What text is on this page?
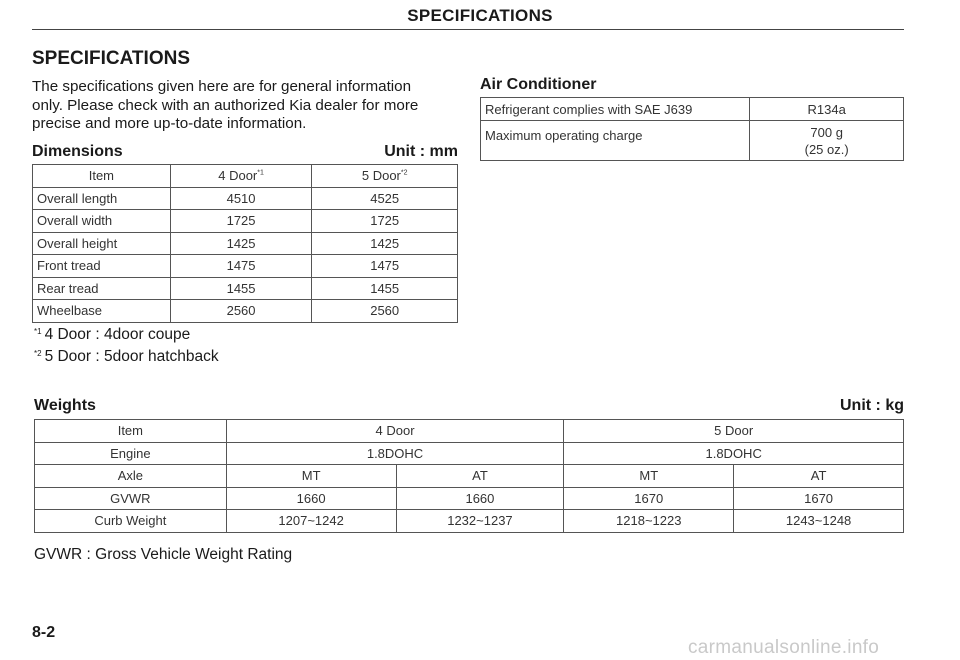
SPECIFICATIONS
SPECIFICATIONS
The specifications given here are for general information
only. Please check with an authorized Kia dealer for more
precise and more up-to-date information.
Dimensions	Unit : mm
Item	4 Door$^{*1}$	5 Door$^{*2}$
Overall length	4510	4525
Overall width	1725	1725
Overall height	1425	1425
Front tread	1475	1475
Rear tread	1455	1455
Wheelbase	2560	2560
$^{*1}$ 4 Door : 4door coupe
$^{*2}$ 5 Door : 5door hatchback
Air Conditioner
Refrigerant complies with SAE J639	R134a
Maximum operating charge	700 g
(25 oz.)
Weights	Unit : kg
Item	4 Door		5 Door	
Engine	1.8DOHC		1.8DOHC	
Axle	MT	AT	MT	AT
GVWR	1660	1660	1670	1670
Curb Weight	1207~1242	1232~1237	1218~1223	1243~1248
GVWR : Gross Vehicle Weight Rating
8-2
carmanualsonline.info
